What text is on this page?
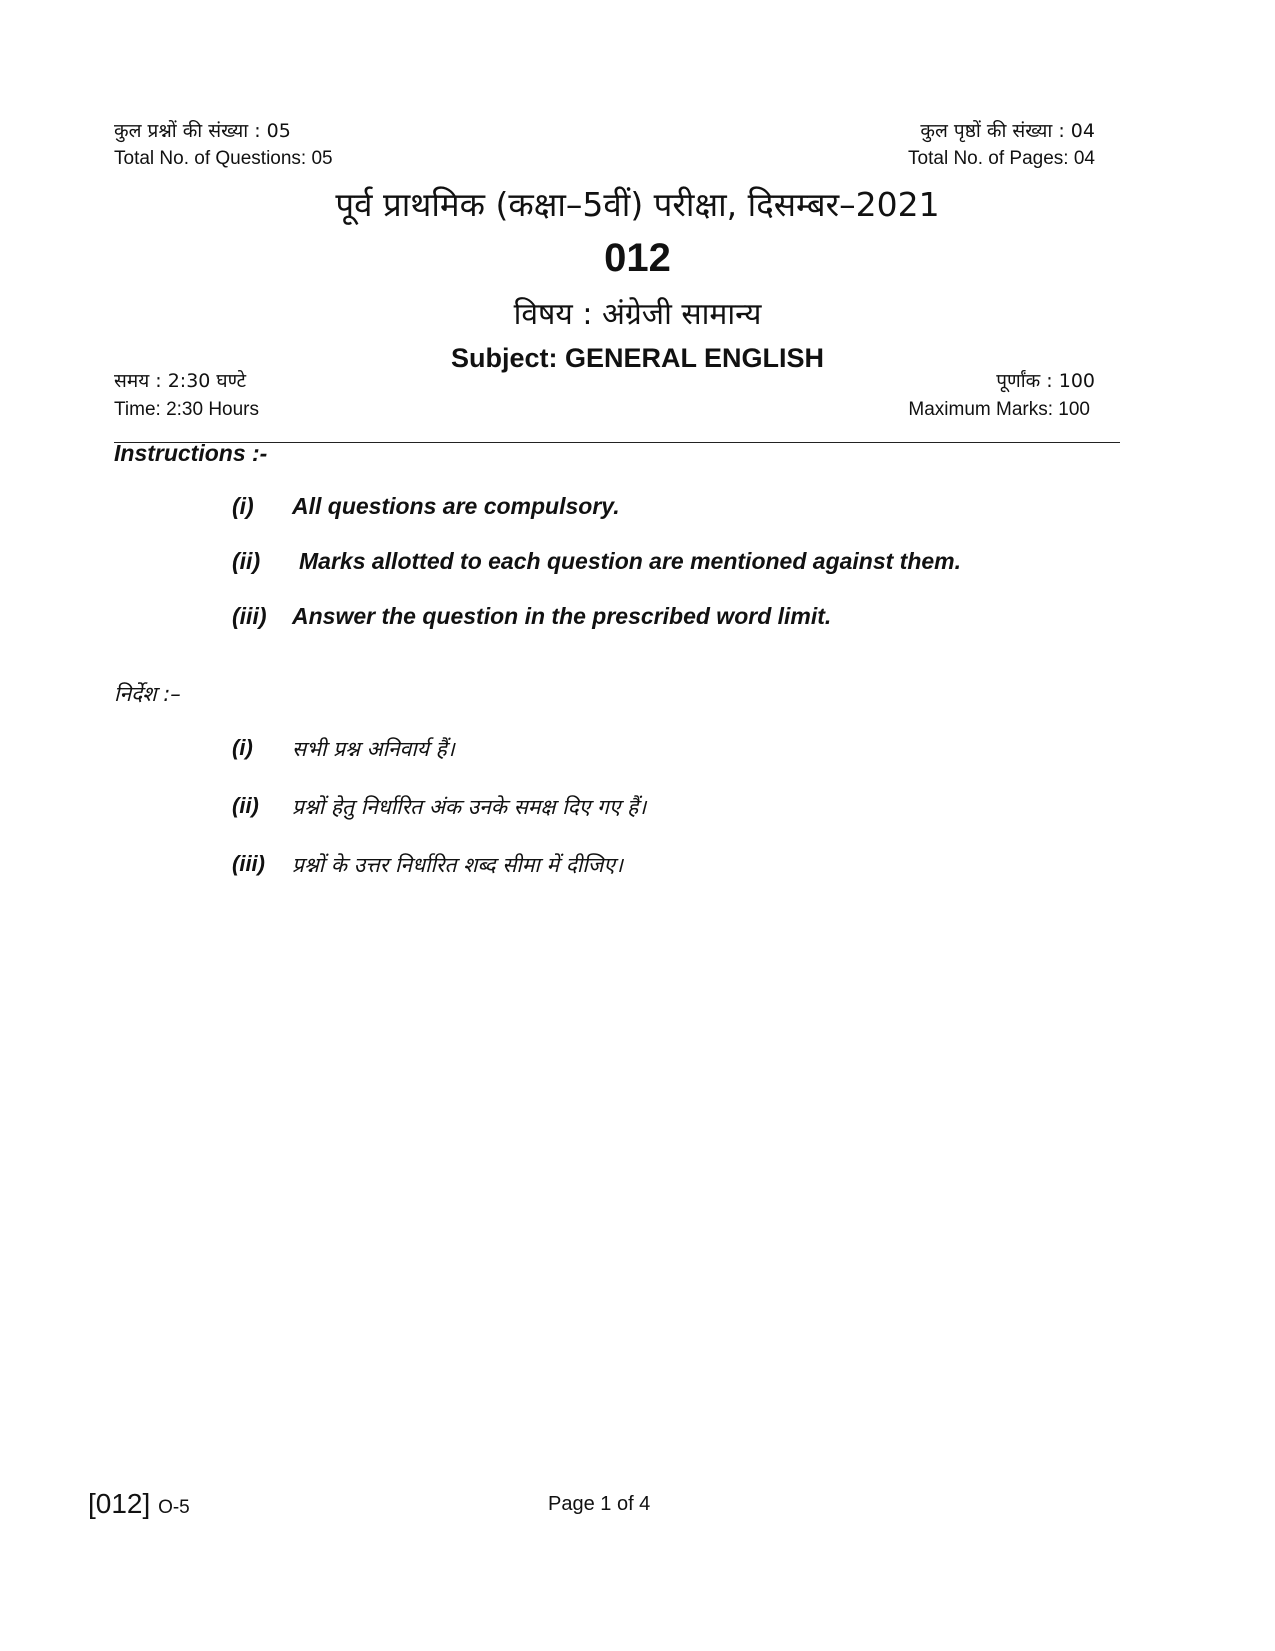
कुल प्रश्नों की संख्या : 05
Total No. of Questions: 05
कुल पृष्ठों की संख्या : 04
Total No. of Pages: 04
पूर्व प्राथमिक (कक्षा–5वीं) परीक्षा, दिसम्बर–2021
012
विषय : अंग्रेजी सामान्य
Subject: GENERAL ENGLISH
समय : 2:30 घण्टे
Time: 2:30 Hours
पूर्णांक : 100
Maximum Marks: 100
Instructions :-
(i) All questions are compulsory.
(ii) Marks allotted to each question are mentioned against them.
(iii) Answer the question in the prescribed word limit.
निर्देश :–
(i) सभी प्रश्न अनिवार्य हैं।
(ii) प्रश्नों हेतु निर्धारित अंक उनके समक्ष दिए गए हैं।
(iii) प्रश्नों के उत्तर निर्धारित शब्द सीमा में दीजिए।
[012] O-5	Page 1 of 4
